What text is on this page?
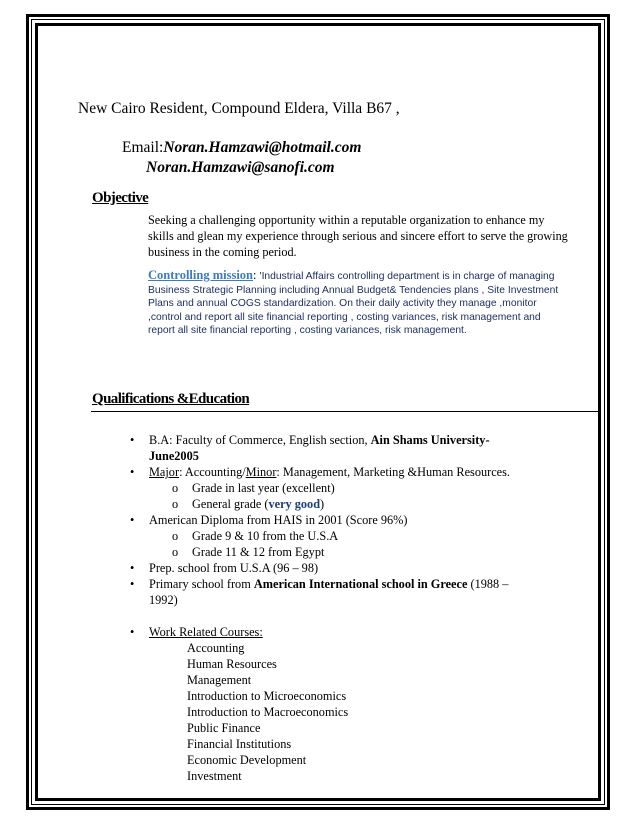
New Cairo Resident, Compound Eldera, Villa B67 ,
Email:Noran.Hamzawi@hotmail.com
Noran.Hamzawi@sanofi.com
Objective
Seeking a challenging opportunity within a reputable organization to enhance my skills and glean my experience through serious and sincere effort to serve the growing business in the coming period.
Controlling mission: 'Industrial Affairs controlling department is in charge of managing Business Strategic Planning including Annual Budget& Tendencies plans , Site Investment Plans and annual COGS standardization. On their daily activity they manage ,monitor ,control and report all site financial reporting , costing variances, risk management and report all site financial reporting , costing variances, risk management.
Qualifications &Education
• B.A: Faculty of Commerce, English section, Ain Shams University-
June2005
• Major: Accounting/Minor: Management, Marketing &Human Resources.
o	Grade in last year (excellent)
o	General grade (very good)
• American Diploma from HAIS in 2001 (Score 96%)
o	Grade 9 & 10 from the U.S.A
o	Grade 11 & 12 from Egypt
• Prep. school from U.S.A (96 – 98)
• Primary school from American International school in Greece (1988 –
1992)
• Work Related Courses:
Accounting
Human Resources
Management
Introduction to Microeconomics
Introduction to Macroeconomics
Public Finance
Financial Institutions
Economic Development
Investment
